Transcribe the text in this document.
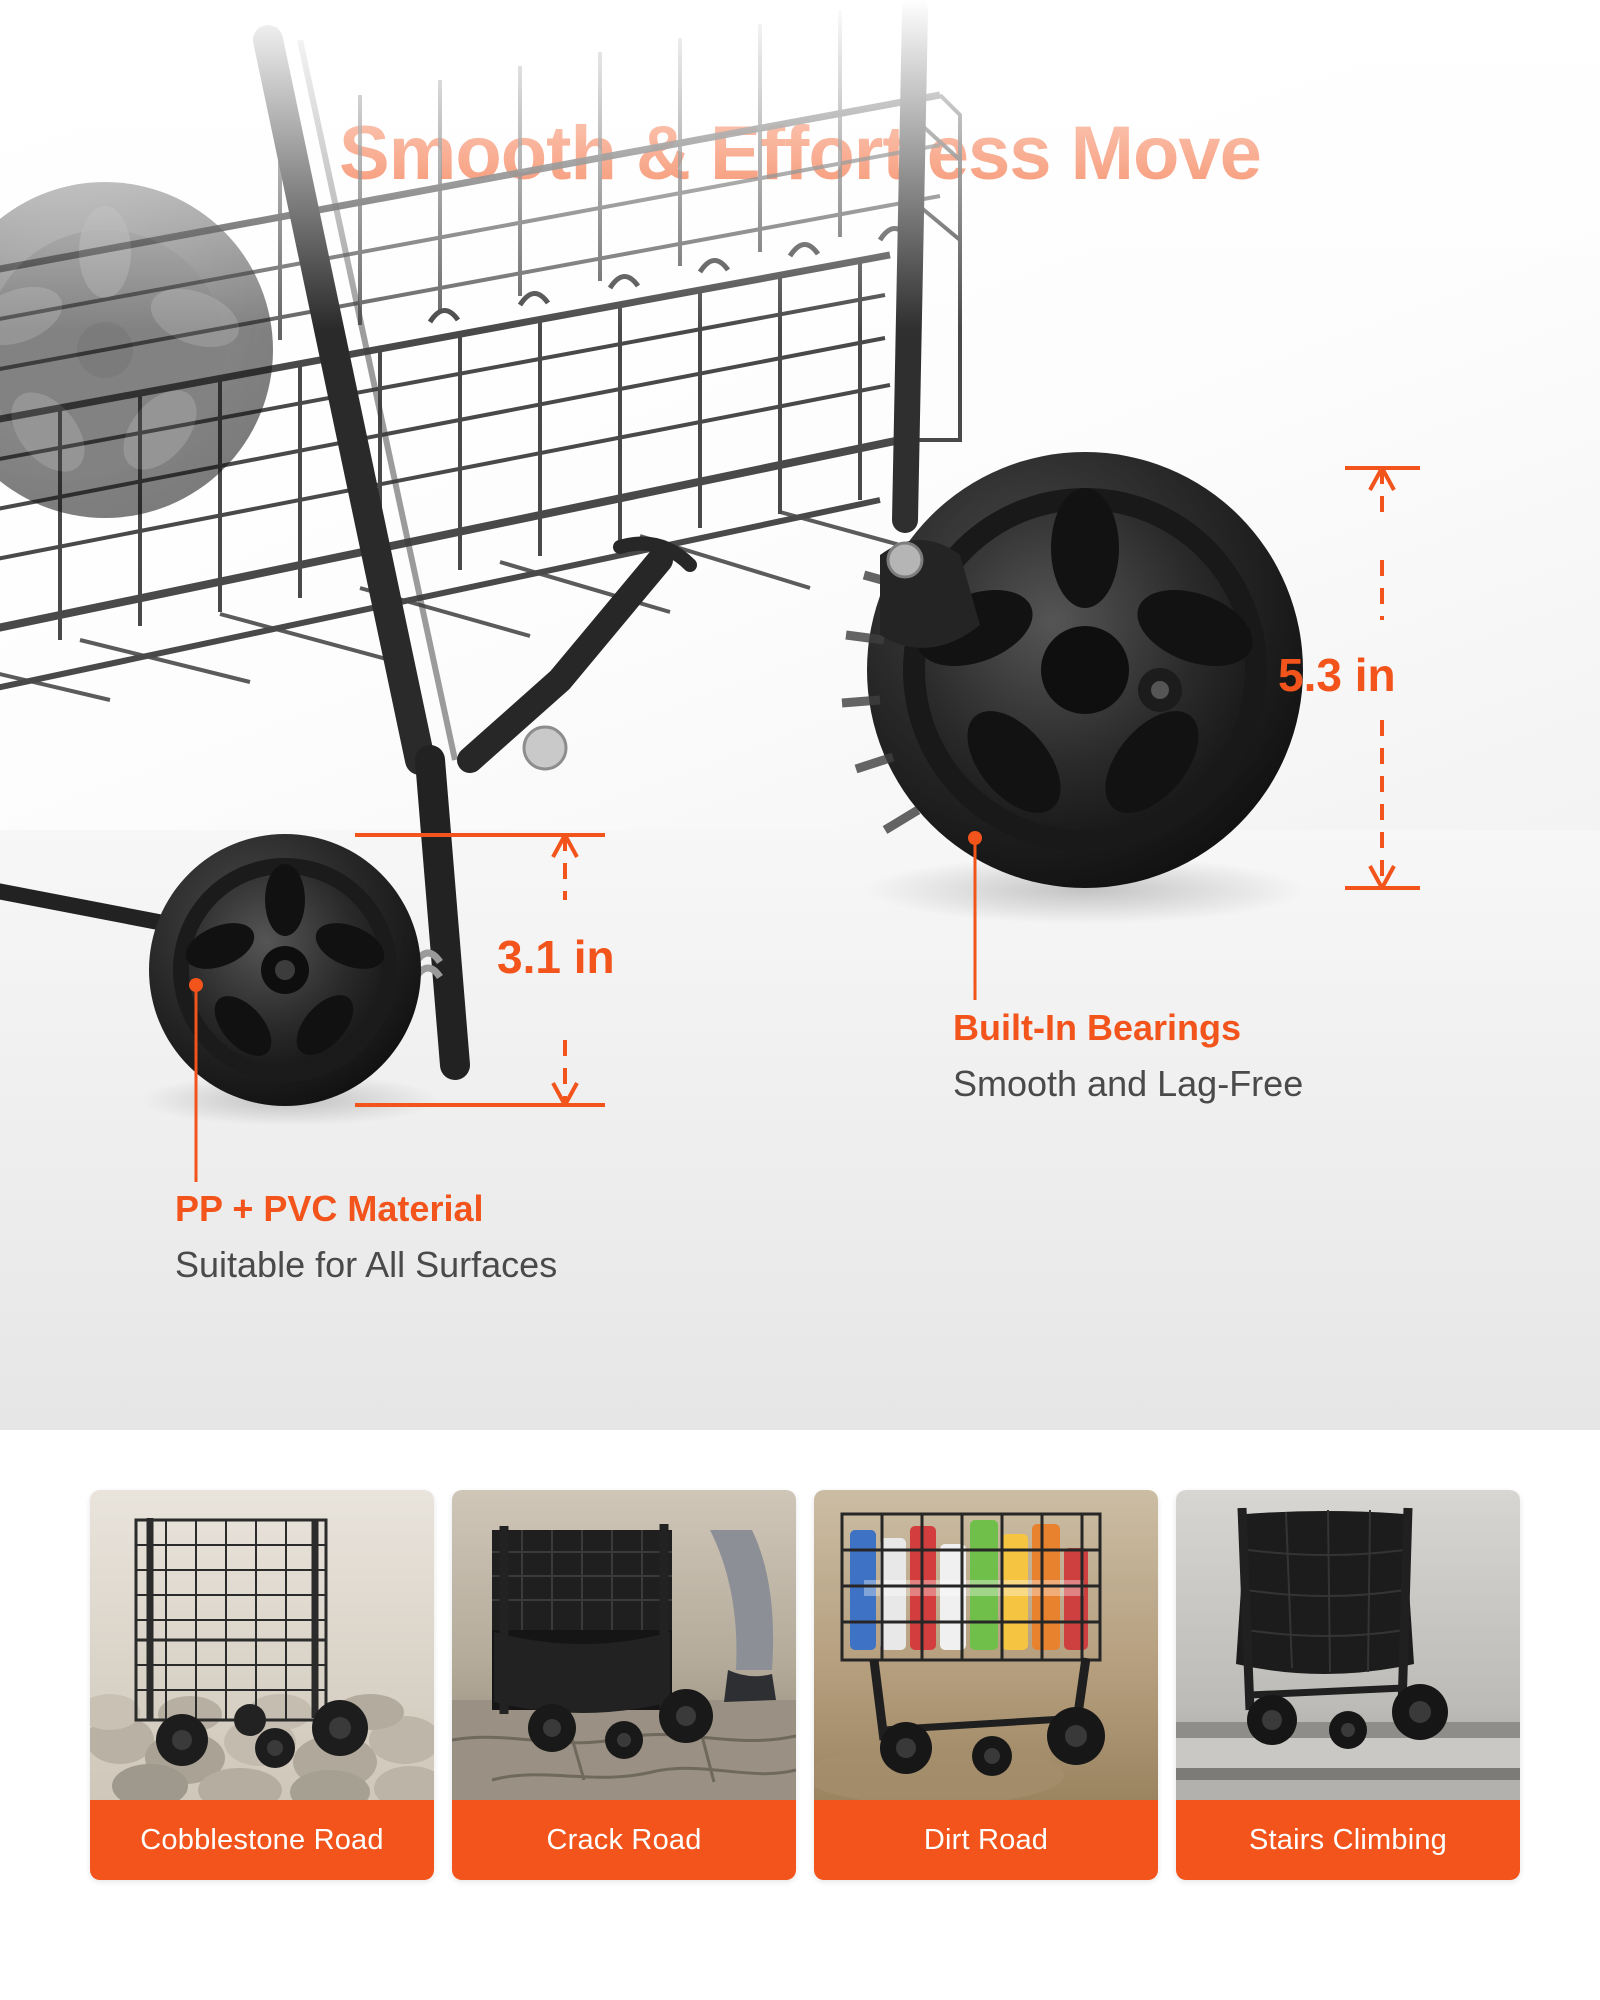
5.3 in
3.1 in

Built-In Bearings

Smooth and Lag-Free

PP + PVC Material

Suitable for All Surfaces

Cobblestone Road	Crack Road	Dirt Road	Stairs Climbing
